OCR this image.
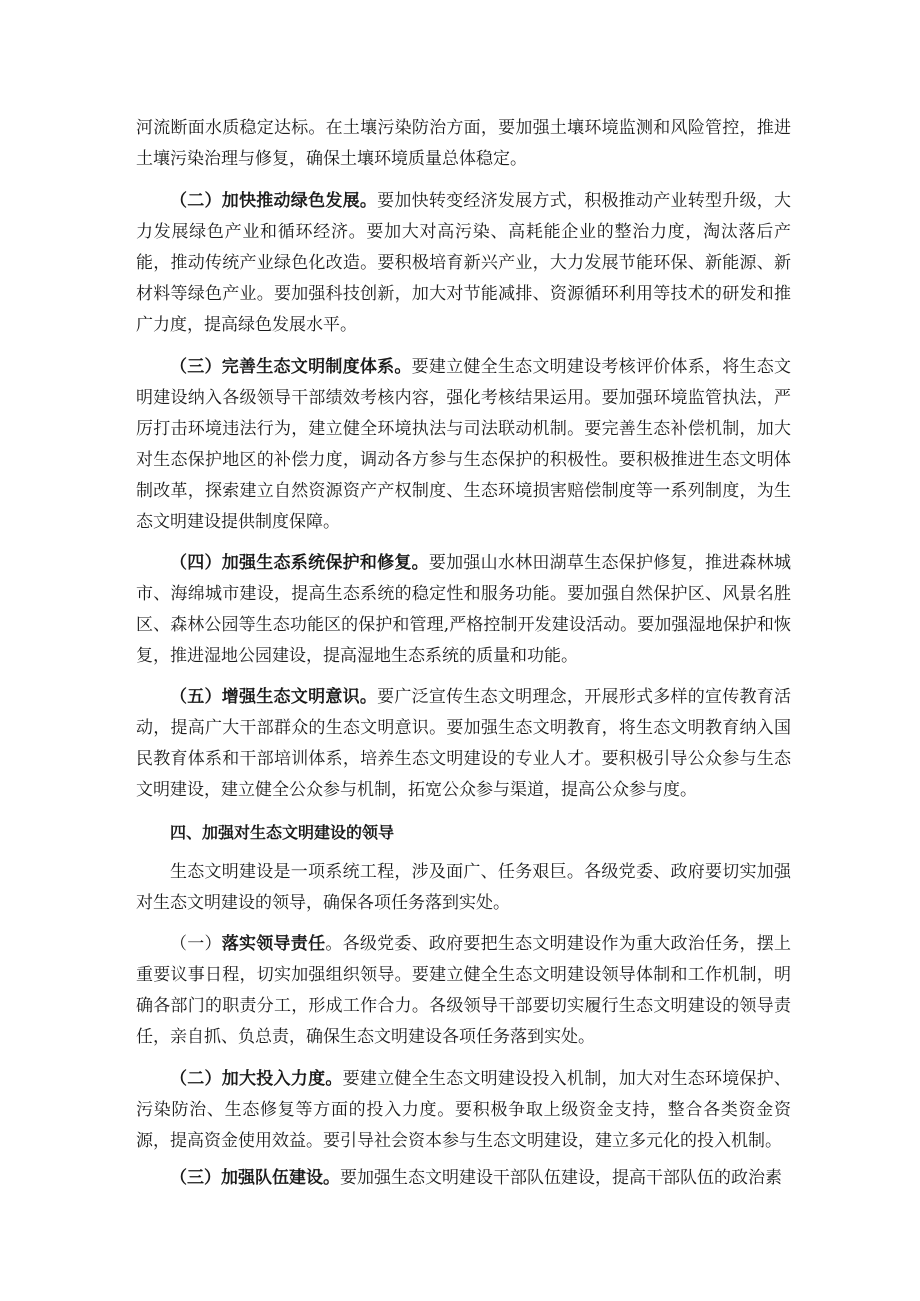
河流断面水质稳定达标。在土壤污染防治方面，要加强土壤环境监测和风险管控，推进土壤污染治理与修复，确保土壤环境质量总体稳定。

（二）加快推动绿色发展。要加快转变经济发展方式，积极推动产业转型升级，大力发展绿色产业和循环经济。要加大对高污染、高耗能企业的整治力度，淘汰落后产能，推动传统产业绿色化改造。要积极培育新兴产业，大力发展节能环保、新能源、新材料等绿色产业。要加强科技创新，加大对节能减排、资源循环利用等技术的研发和推广力度，提高绿色发展水平。

（三）完善生态文明制度体系。要建立健全生态文明建设考核评价体系，将生态文明建设纳入各级领导干部绩效考核内容，强化考核结果运用。要加强环境监管执法，严厉打击环境违法行为，建立健全环境执法与司法联动机制。要完善生态补偿机制，加大对生态保护地区的补偿力度，调动各方参与生态保护的积极性。要积极推进生态文明体制改革，探索建立自然资源资产产权制度、生态环境损害赔偿制度等一系列制度，为生态文明建设提供制度保障。

（四）加强生态系统保护和修复。要加强山水林田湖草生态保护修复，推进森林城市、海绵城市建设，提高生态系统的稳定性和服务功能。要加强自然保护区、风景名胜区、森林公园等生态功能区的保护和管理,严格控制开发建设活动。要加强湿地保护和恢复，推进湿地公园建设，提高湿地生态系统的质量和功能。

（五）增强生态文明意识。要广泛宣传生态文明理念，开展形式多样的宣传教育活动，提高广大干部群众的生态文明意识。要加强生态文明教育，将生态文明教育纳入国民教育体系和干部培训体系，培养生态文明建设的专业人才。要积极引导公众参与生态文明建设，建立健全公众参与机制，拓宽公众参与渠道，提高公众参与度。

四、加强对生态文明建设的领导

生态文明建设是一项系统工程，涉及面广、任务艰巨。各级党委、政府要切实加强对生态文明建设的领导，确保各项任务落到实处。

（一）落实领导责任。各级党委、政府要把生态文明建设作为重大政治任务，摆上重要议事日程，切实加强组织领导。要建立健全生态文明建设领导体制和工作机制，明确各部门的职责分工，形成工作合力。各级领导干部要切实履行生态文明建设的领导责任，亲自抓、负总责，确保生态文明建设各项任务落到实处。

（二）加大投入力度。要建立健全生态文明建设投入机制，加大对生态环境保护、污染防治、生态修复等方面的投入力度。要积极争取上级资金支持，整合各类资金资源，提高资金使用效益。要引导社会资本参与生态文明建设，建立多元化的投入机制。

（三）加强队伍建设。要加强生态文明建设干部队伍建设，提高干部队伍的政治素
